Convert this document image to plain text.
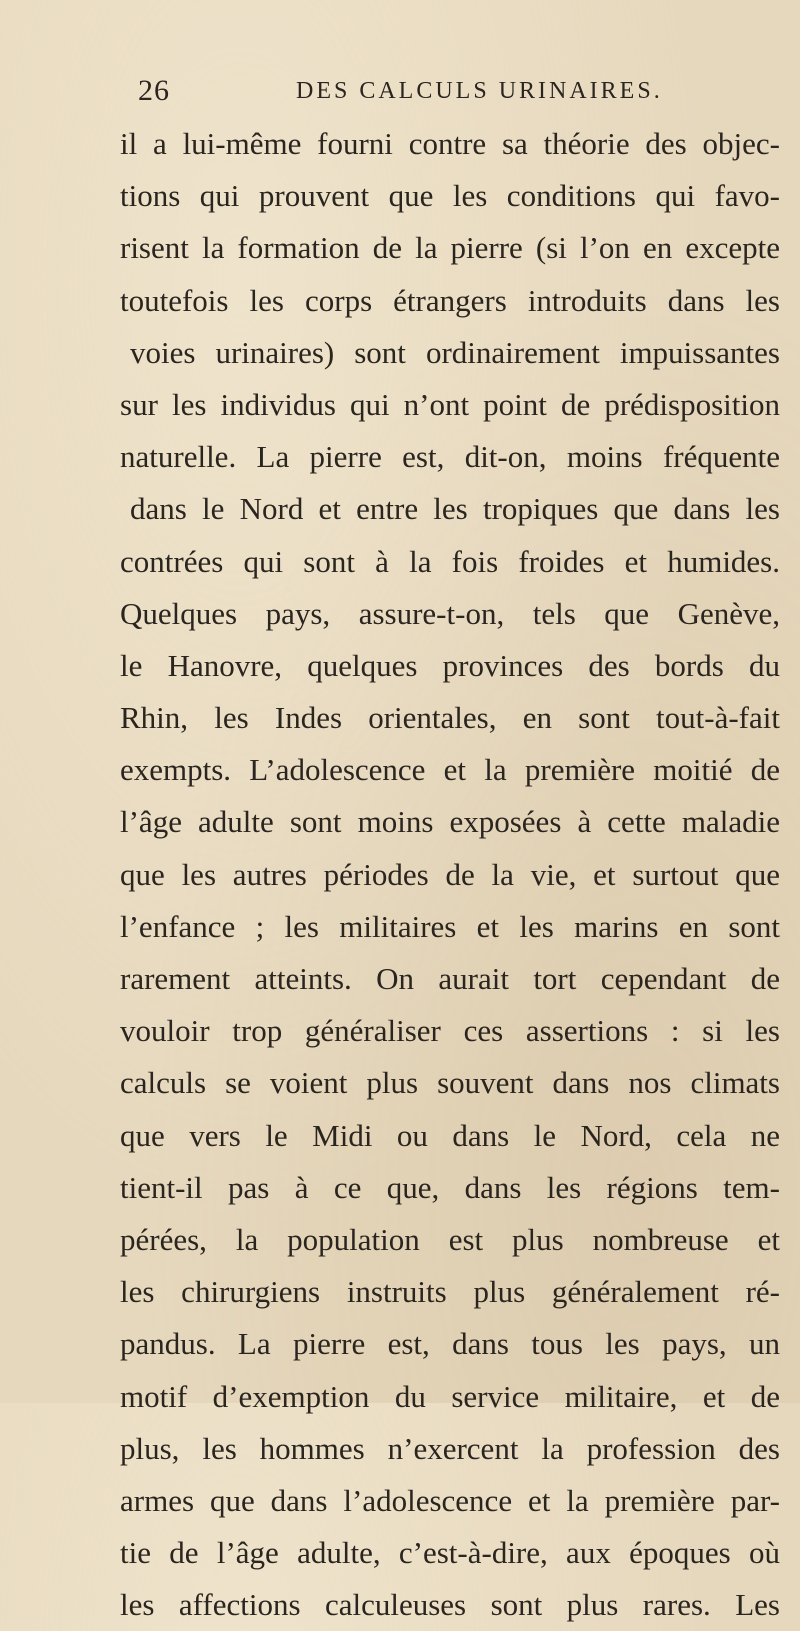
26	DES CALCULS URINAIRES.
il a lui-même fourni contre sa théorie des objec-
tions qui prouvent que les conditions qui favo-
risent la formation de la pierre (si l’on en excepte
toutefois les corps étrangers introduits dans les
voies urinaires) sont ordinairement impuissantes
sur les individus qui n’ont point de prédisposition
naturelle. La pierre est, dit-on, moins fréquente
dans le Nord et entre les tropiques que dans les
contrées qui sont à la fois froides et humides.
Quelques pays, assure-t-on, tels que Genève,
le Hanovre, quelques provinces des bords du
Rhin, les Indes orientales, en sont tout-à-fait
exempts. L’adolescence et la première moitié de
l’âge adulte sont moins exposées à cette maladie
que les autres périodes de la vie, et surtout que
l’enfance ; les militaires et les marins en sont
rarement atteints. On aurait tort cependant de
vouloir trop généraliser ces assertions : si les
calculs se voient plus souvent dans nos climats
que vers le Midi ou dans le Nord, cela ne
tient-il pas à ce que, dans les régions tem-
pérées, la population est plus nombreuse et
les chirurgiens instruits plus généralement ré-
pandus. La pierre est, dans tous les pays, un
motif d’exemption du service militaire, et de
plus, les hommes n’exercent la profession des
armes que dans l’adolescence et la première par-
tie de l’âge adulte, c’est-à-dire, aux époques où
les affections calculeuses sont plus rares. Les
